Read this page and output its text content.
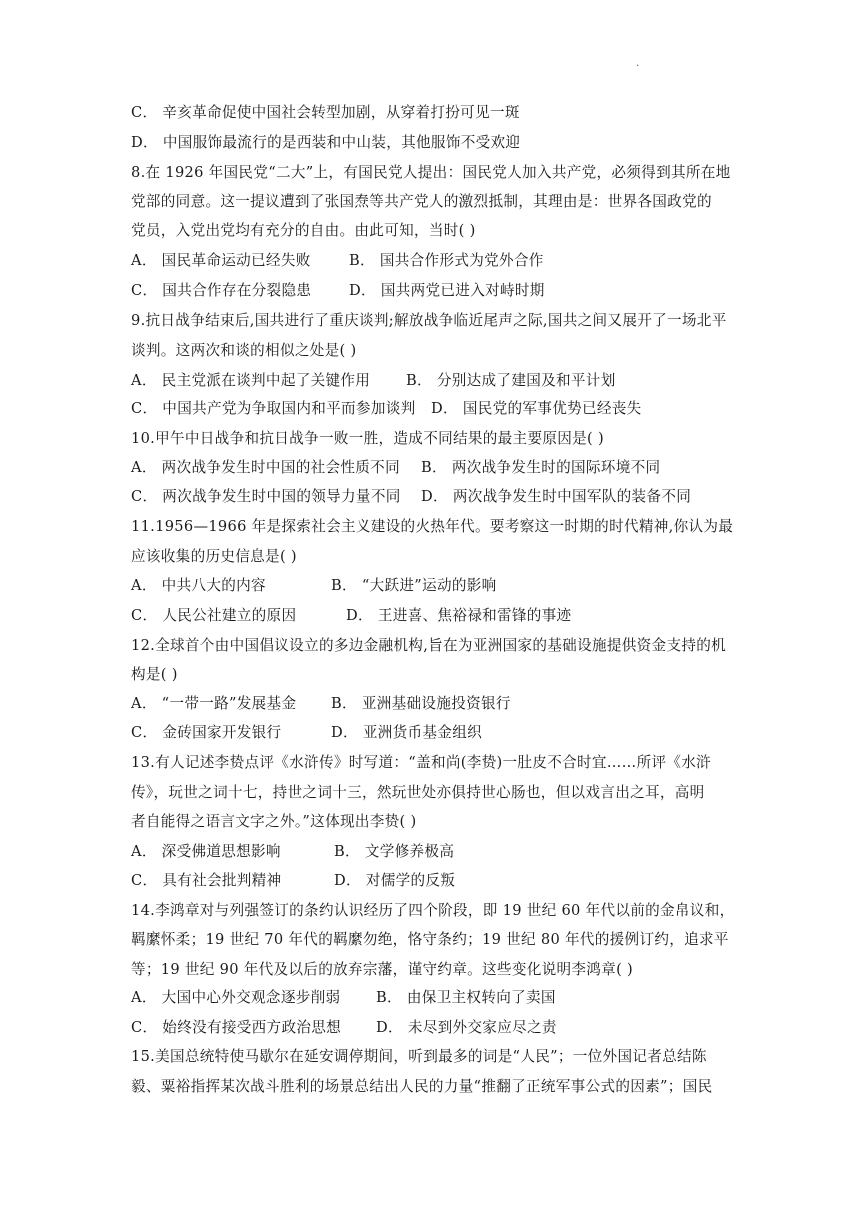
.
C． 辛亥革命促使中国社会转型加剧，从穿着打扮可见一斑
D． 中国服饰最流行的是西装和中山装，其他服饰不受欢迎
8.在 1926 年国民党“二大”上，有国民党人提出：国民党人加入共产党，必须得到其所在地
党部的同意。这一提议遭到了张国焘等共产党人的激烈抵制，其理由是：世界各国政党的
党员，入党出党均有充分的自由。由此可知，当时( )
A． 国民革命运动已经失败	B． 国共合作形式为党外合作
C． 国共合作存在分裂隐患	D． 国共两党已进入对峙时期
9.抗日战争结束后,国共进行了重庆谈判;解放战争临近尾声之际,国共之间又展开了一场北平
谈判。这两次和谈的相似之处是( )
A． 民主党派在谈判中起了关键作用 B． 分别达成了建国及和平计划
C． 中国共产党为争取国内和平而参加谈判 D． 国民党的军事优势已经丧失
10.甲午中日战争和抗日战争一败一胜，造成不同结果的最主要原因是( )
A． 两次战争发生时中国的社会性质不同 B． 两次战争发生时的国际环境不同
C． 两次战争发生时中国的领导力量不同 D． 两次战争发生时中国军队的装备不同
11.1956—1966 年是探索社会主义建设的火热年代。要考察这一时期的时代精神,你认为最
应该收集的历史信息是( )
A． 中共八大的内容	B． “大跃进”运动的影响
C． 人民公社建立的原因	D． 王进喜、焦裕禄和雷锋的事迹
12.全球首个由中国倡议设立的多边金融机构,旨在为亚洲国家的基础设施提供资金支持的机
构是( )
A． “一带一路”发展基金 B． 亚洲基础设施投资银行
C． 金砖国家开发银行	D． 亚洲货币基金组织
13.有人记述李贽点评《水浒传》时写道：“盖和尚(李贽)一肚皮不合时宜……所评《水浒
传》，玩世之词十七，持世之词十三，然玩世处亦俱持世心肠也，但以戏言出之耳，高明
者自能得之语言文字之外。”这体现出李贽( )
A． 深受佛道思想影响	B． 文学修养极高
C． 具有社会批判精神	D． 对儒学的反叛
14.李鸿章对与列强签订的条约认识经历了四个阶段，即 19 世纪 60 年代以前的金帛议和，
羁縻怀柔；19 世纪 70 年代的羁縻勿绝，恪守条约；19 世纪 80 年代的援例订约，追求平
等；19 世纪 90 年代及以后的放弃宗藩，谨守约章。这些变化说明李鸿章( )
A． 大国中心外交观念逐步削弱 B． 由保卫主权转向了卖国
C． 始终没有接受西方政治思想 D． 未尽到外交家应尽之责
15.美国总统特使马歇尔在延安调停期间，听到最多的词是“人民”；一位外国记者总结陈
毅、粟裕指挥某次战斗胜利的场景总结出人民的力量“推翻了正统军事公式的因素”；国民
